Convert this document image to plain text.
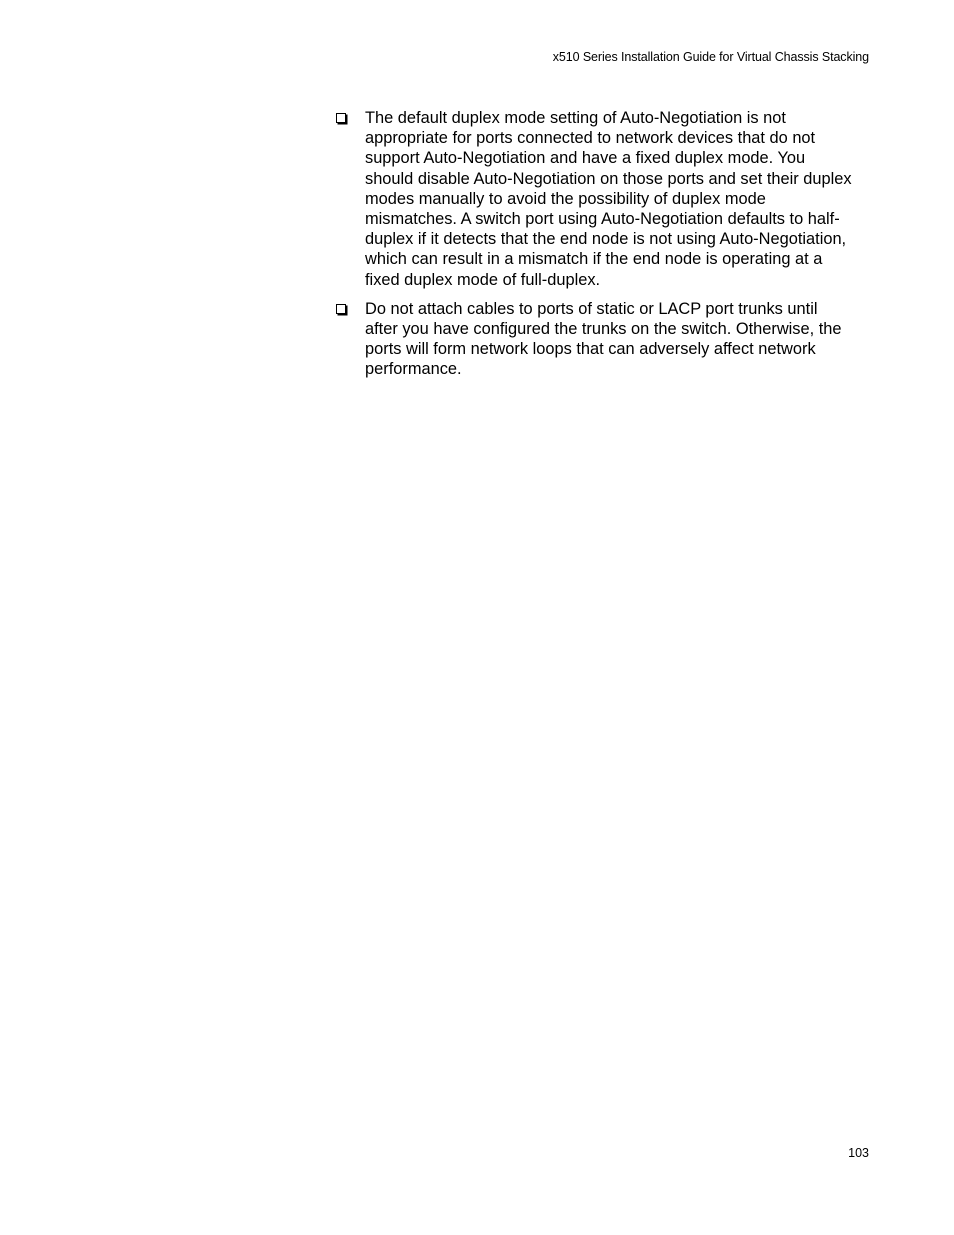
x510 Series Installation Guide for Virtual Chassis Stacking
The default duplex mode setting of Auto-Negotiation is not
appropriate for ports connected to network devices that do not
support Auto-Negotiation and have a fixed duplex mode. You
should disable Auto-Negotiation on those ports and set their duplex
modes manually to avoid the possibility of duplex mode
mismatches. A switch port using Auto-Negotiation defaults to half-
duplex if it detects that the end node is not using Auto-Negotiation,
which can result in a mismatch if the end node is operating at a
fixed duplex mode of full-duplex.
Do not attach cables to ports of static or LACP port trunks until
after you have configured the trunks on the switch. Otherwise, the
ports will form network loops that can adversely affect network
performance.
103
